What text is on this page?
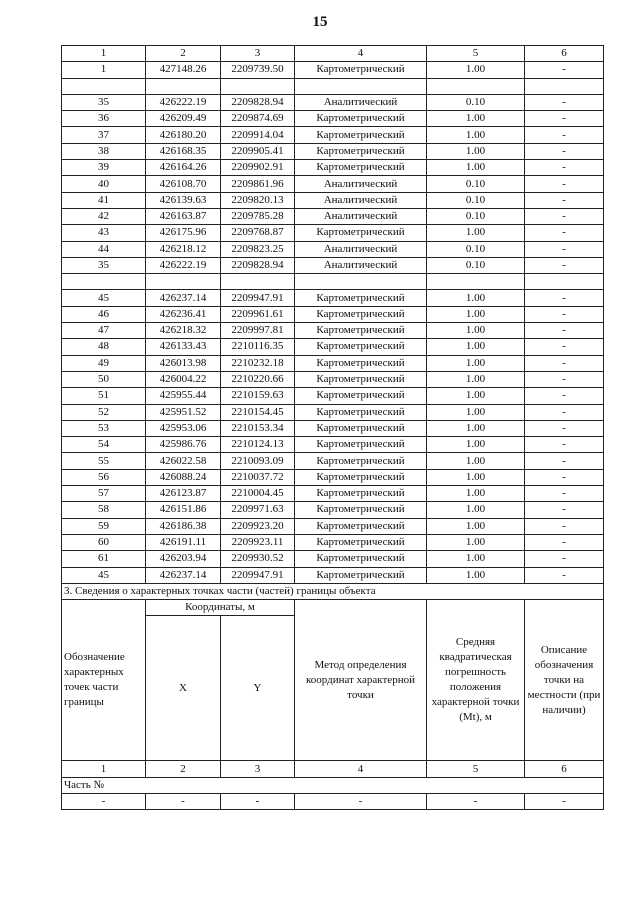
15
1	2	3	4	5	6
1	427148.26	2209739.50	Картометрический	1.00	-

35	426222.19	2209828.94	Аналитический	0.10	-
36	426209.49	2209874.69	Картометрический	1.00	-
37	426180.20	2209914.04	Картометрический	1.00	-
38	426168.35	2209905.41	Картометрический	1.00	-
39	426164.26	2209902.91	Картометрический	1.00	-
40	426108.70	2209861.96	Аналитический	0.10	-
41	426139.63	2209820.13	Аналитический	0.10	-
42	426163.87	2209785.28	Аналитический	0.10	-
43	426175.96	2209768.87	Картометрический	1.00	-
44	426218.12	2209823.25	Аналитический	0.10	-
35	426222.19	2209828.94	Аналитический	0.10	-

45	426237.14	2209947.91	Картометрический	1.00	-
46	426236.41	2209961.61	Картометрический	1.00	-
47	426218.32	2209997.81	Картометрический	1.00	-
48	426133.43	2210116.35	Картометрический	1.00	-
49	426013.98	2210232.18	Картометрический	1.00	-
50	426004.22	2210220.66	Картометрический	1.00	-
51	425955.44	2210159.63	Картометрический	1.00	-
52	425951.52	2210154.45	Картометрический	1.00	-
53	425953.06	2210153.34	Картометрический	1.00	-
54	425986.76	2210124.13	Картометрический	1.00	-
55	426022.58	2210093.09	Картометрический	1.00	-
56	426088.24	2210037.72	Картометрический	1.00	-
57	426123.87	2210004.45	Картометрический	1.00	-
58	426151.86	2209971.63	Картометрический	1.00	-
59	426186.38	2209923.20	Картометрический	1.00	-
60	426191.11	2209923.11	Картометрический	1.00	-
61	426203.94	2209930.52	Картометрический	1.00	-
45	426237.14	2209947.91	Картометрический	1.00	-
3. Сведения о характерных точках части (частей) границы объекта					
Обозначение характерных точек части границы	Координаты, м		Метод определения координат характерной точки	Средняя квадратическая погрешность положения характерной точки (Mt), м	Описание обозначения точки на местности (при наличии)
	X	Y			
1	2	3	4	5	6
Часть №					
-	-	-	-	-	-
